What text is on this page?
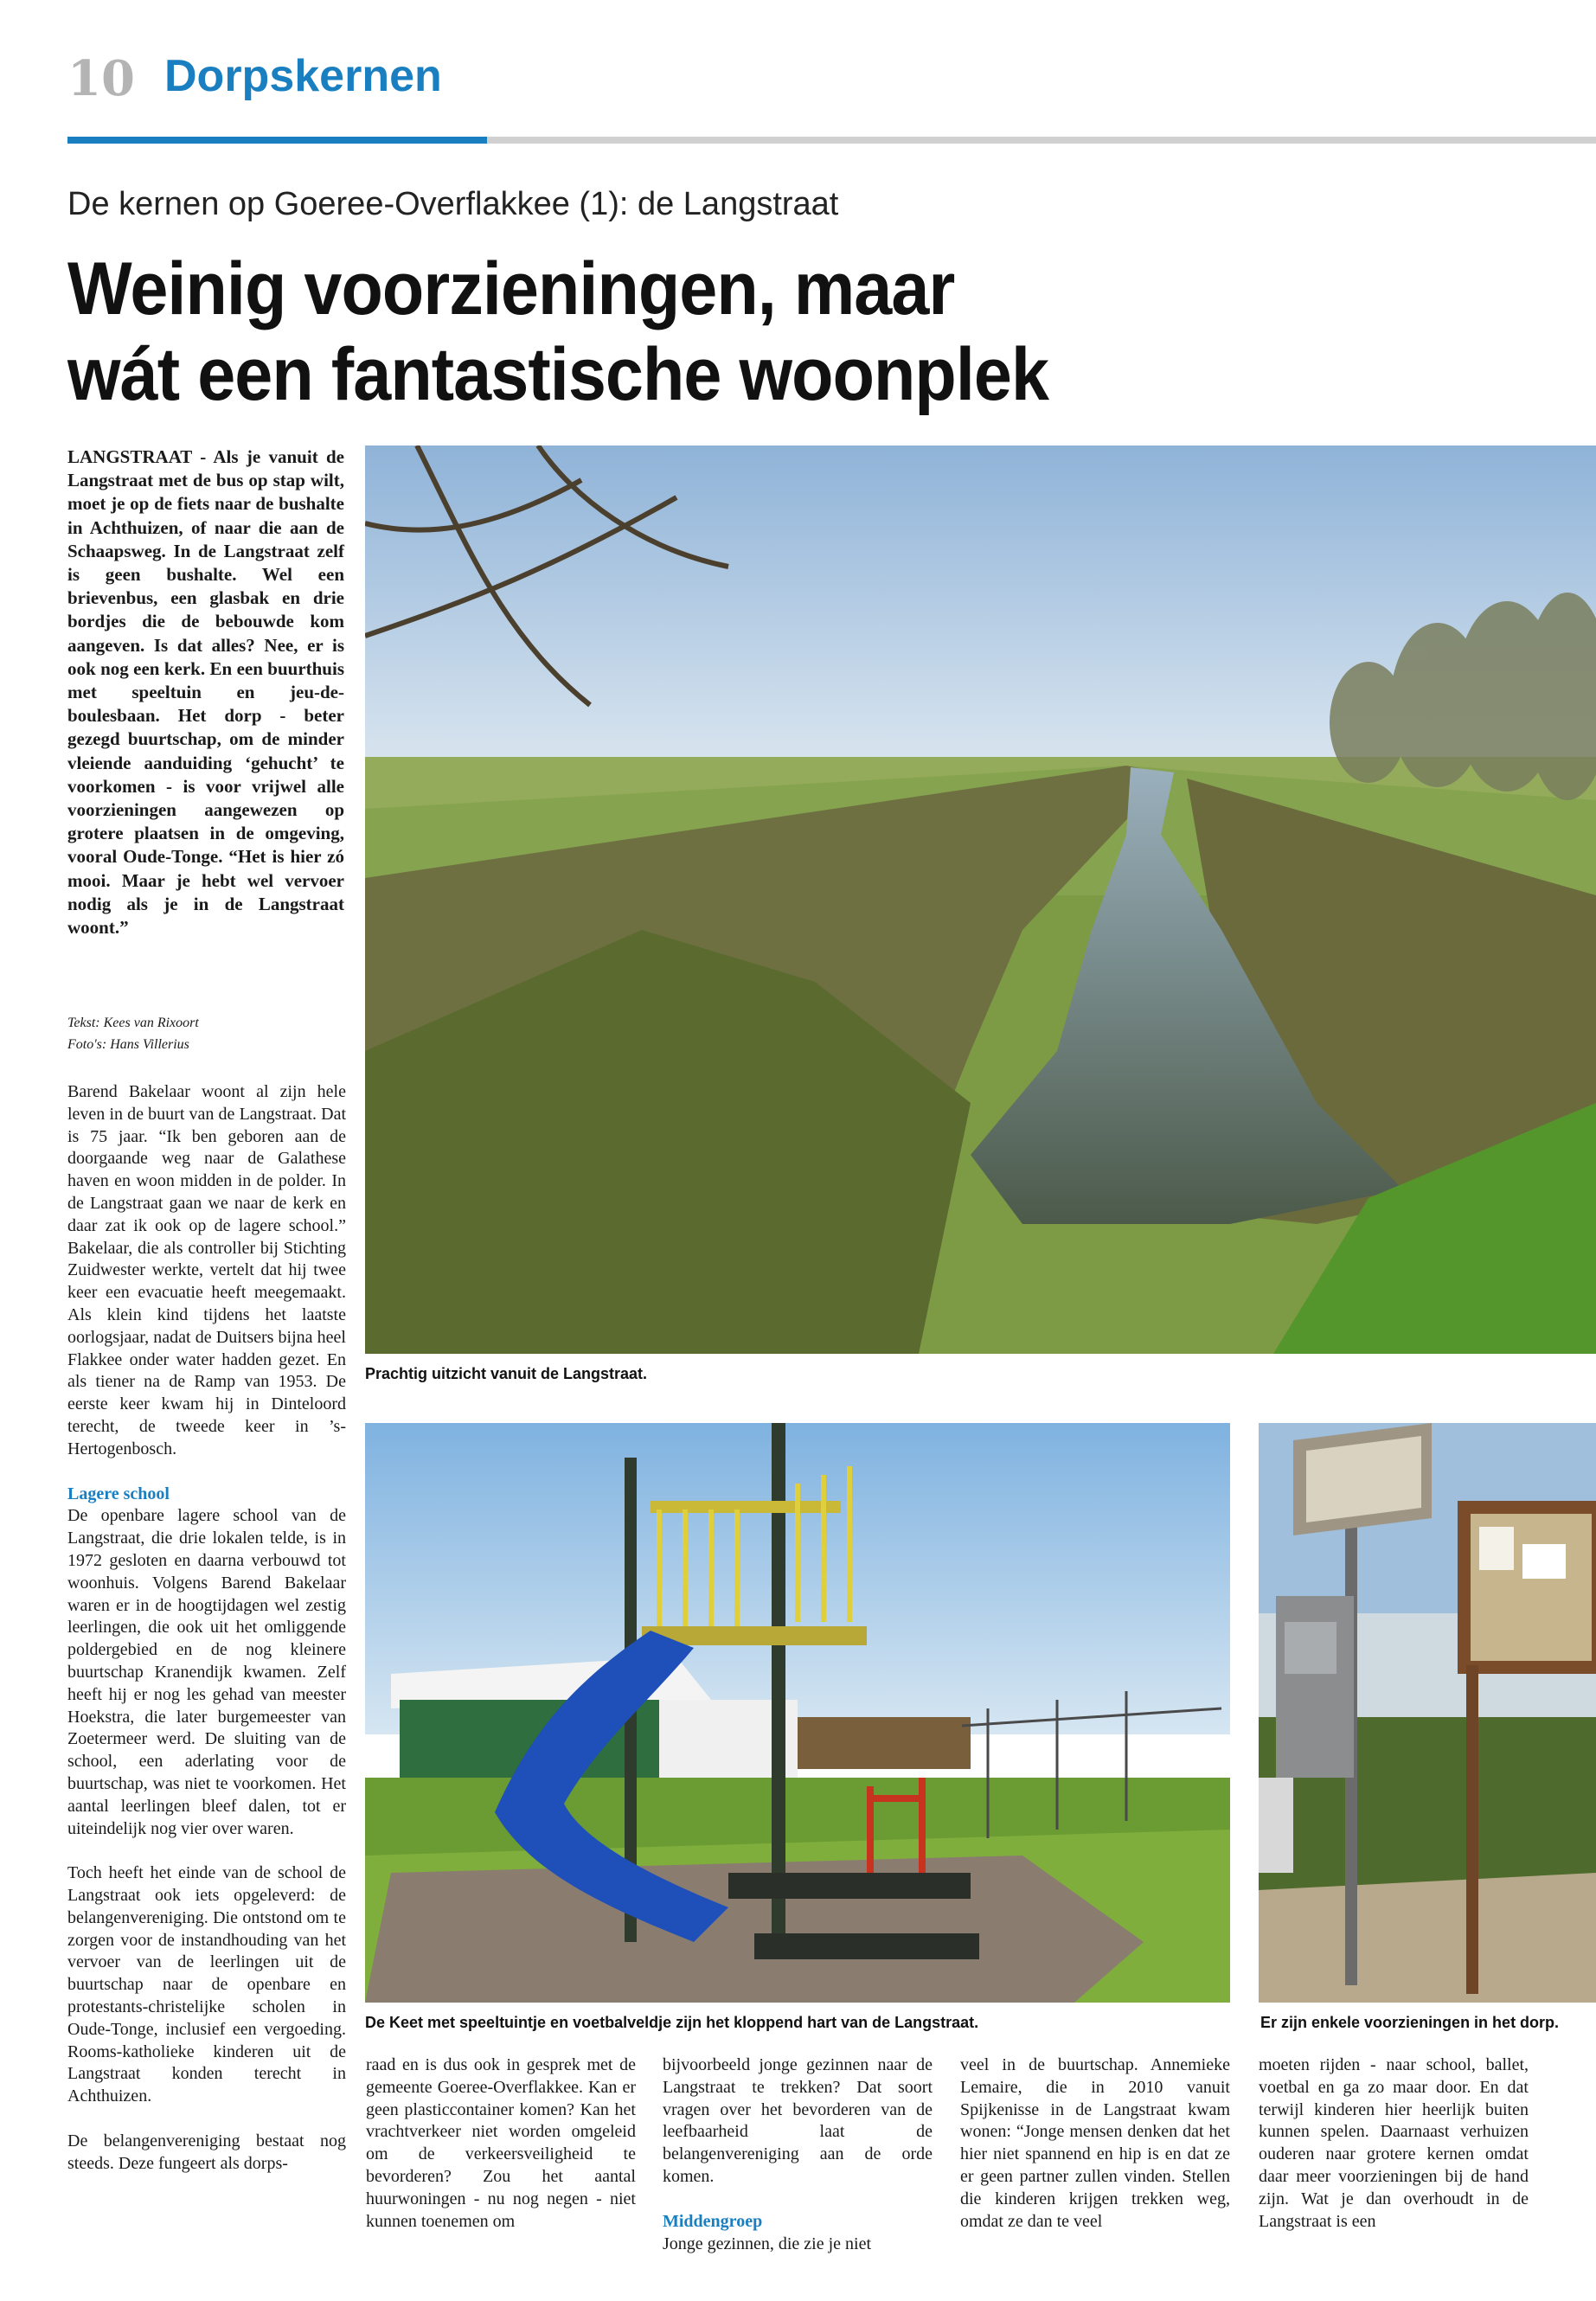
10 Dorpskernen
De kernen op Goeree-Overflakkee (1): de Langstraat
Weinig voorzieningen, maar
wát een fantastische woonplek
LANGSTRAAT - Als je vanuit de Langstraat met de bus op stap wilt, moet je op de fiets naar de bushalte in Achthuizen, of naar die aan de Schaapsweg. In de Langstraat zelf is geen bushalte. Wel een brievenbus, een glasbak en drie bordjes die de bebouwde kom aangeven. Is dat alles? Nee, er is ook nog een kerk. En een buurthuis met speeltuin en jeu-de-boulesbaan. Het dorp - beter gezegd buurtschap, om de minder vleiende aanduiding ‘gehucht’ te voorkomen - is voor vrijwel alle voorzieningen aangewezen op grotere plaatsen in de omgeving, vooral Oude-Tonge. “Het is hier zó mooi. Maar je hebt wel vervoer nodig als je in de Langstraat woont.”
Tekst: Kees van Rixoort
Foto's: Hans Villerius

Barend Bakelaar woont al zijn hele leven in de buurt van de Langstraat. Dat is 75 jaar. “Ik ben geboren aan de doorgaande weg naar de Galathese haven en woon midden in de polder. In de Langstraat gaan we naar de kerk en daar zat ik ook op de lagere school.” Bakelaar, die als controller bij Stichting Zuidwester werkte, vertelt dat hij twee keer een evacuatie heeft meegemaakt. Als klein kind tijdens het laatste oorlogsjaar, nadat de Duitsers bijna heel Flakkee onder water hadden gezet. En als tiener na de Ramp van 1953. De eerste keer kwam hij in Dinteloord terecht, de tweede keer in ’s-Hertogenbosch.

Lagere school

De openbare lagere school van de Langstraat, die drie lokalen telde, is in 1972 gesloten en daarna verbouwd tot woonhuis. Volgens Barend Bakelaar waren er in de hoogtijdagen wel zestig leerlingen, die ook uit het omliggende poldergebied en de nog kleinere buurtschap Kranendijk kwamen. Zelf heeft hij er nog les gehad van meester Hoekstra, die later burgemeester van Zoetermeer werd. De sluiting van de school, een aderlating voor de buurtschap, was niet te voorkomen. Het aantal leerlingen bleef dalen, tot er uiteindelijk nog vier over waren.

Toch heeft het einde van de school de Langstraat ook iets opgeleverd: de belangenvereniging. Die ontstond om te zorgen voor de instandhouding van het vervoer van de leerlingen uit de buurtschap naar de openbare en protestants-christelijke scholen in Oude-Tonge, inclusief een vergoeding. Rooms-katholieke kinderen uit de Langstraat konden terecht in Achthuizen.

De belangenvereniging bestaat nog steeds. Deze fungeert als dorps-

Prachtig uitzicht vanuit de Langstraat.
De Keet met speeltuintje en voetbalveldje zijn het kloppend hart van de Langstraat.	Er zijn enkele voorzieningen in het dorp.

raad en is dus ook in gesprek met de gemeente Goeree-Overflakkee. Kan er geen plasticcontainer komen? Kan het vrachtverkeer niet worden omgeleid om de verkeersveiligheid te bevorderen? Zou het aantal huurwoningen - nu nog negen - niet kunnen toenemen om

bijvoorbeeld jonge gezinnen naar de Langstraat te trekken? Dat soort vragen over het bevorderen van de leefbaarheid laat de belangenvereniging aan de orde komen.

Middengroep

Jonge gezinnen, die zie je niet

veel in de buurtschap. Annemieke Lemaire, die in 2010 vanuit Spijkenisse in de Langstraat kwam wonen: “Jonge mensen denken dat het hier niet spannend en hip is en dat ze er geen partner zullen vinden. Stellen die kinderen krijgen trekken weg, omdat ze dan te veel

moeten rijden - naar school, ballet, voetbal en ga zo maar door. En dat terwijl kinderen hier heerlijk buiten kunnen spelen. Daarnaast verhuizen ouderen naar grotere kernen omdat daar meer voorzieningen bij de hand zijn. Wat je dan overhoudt in de Langstraat is een
